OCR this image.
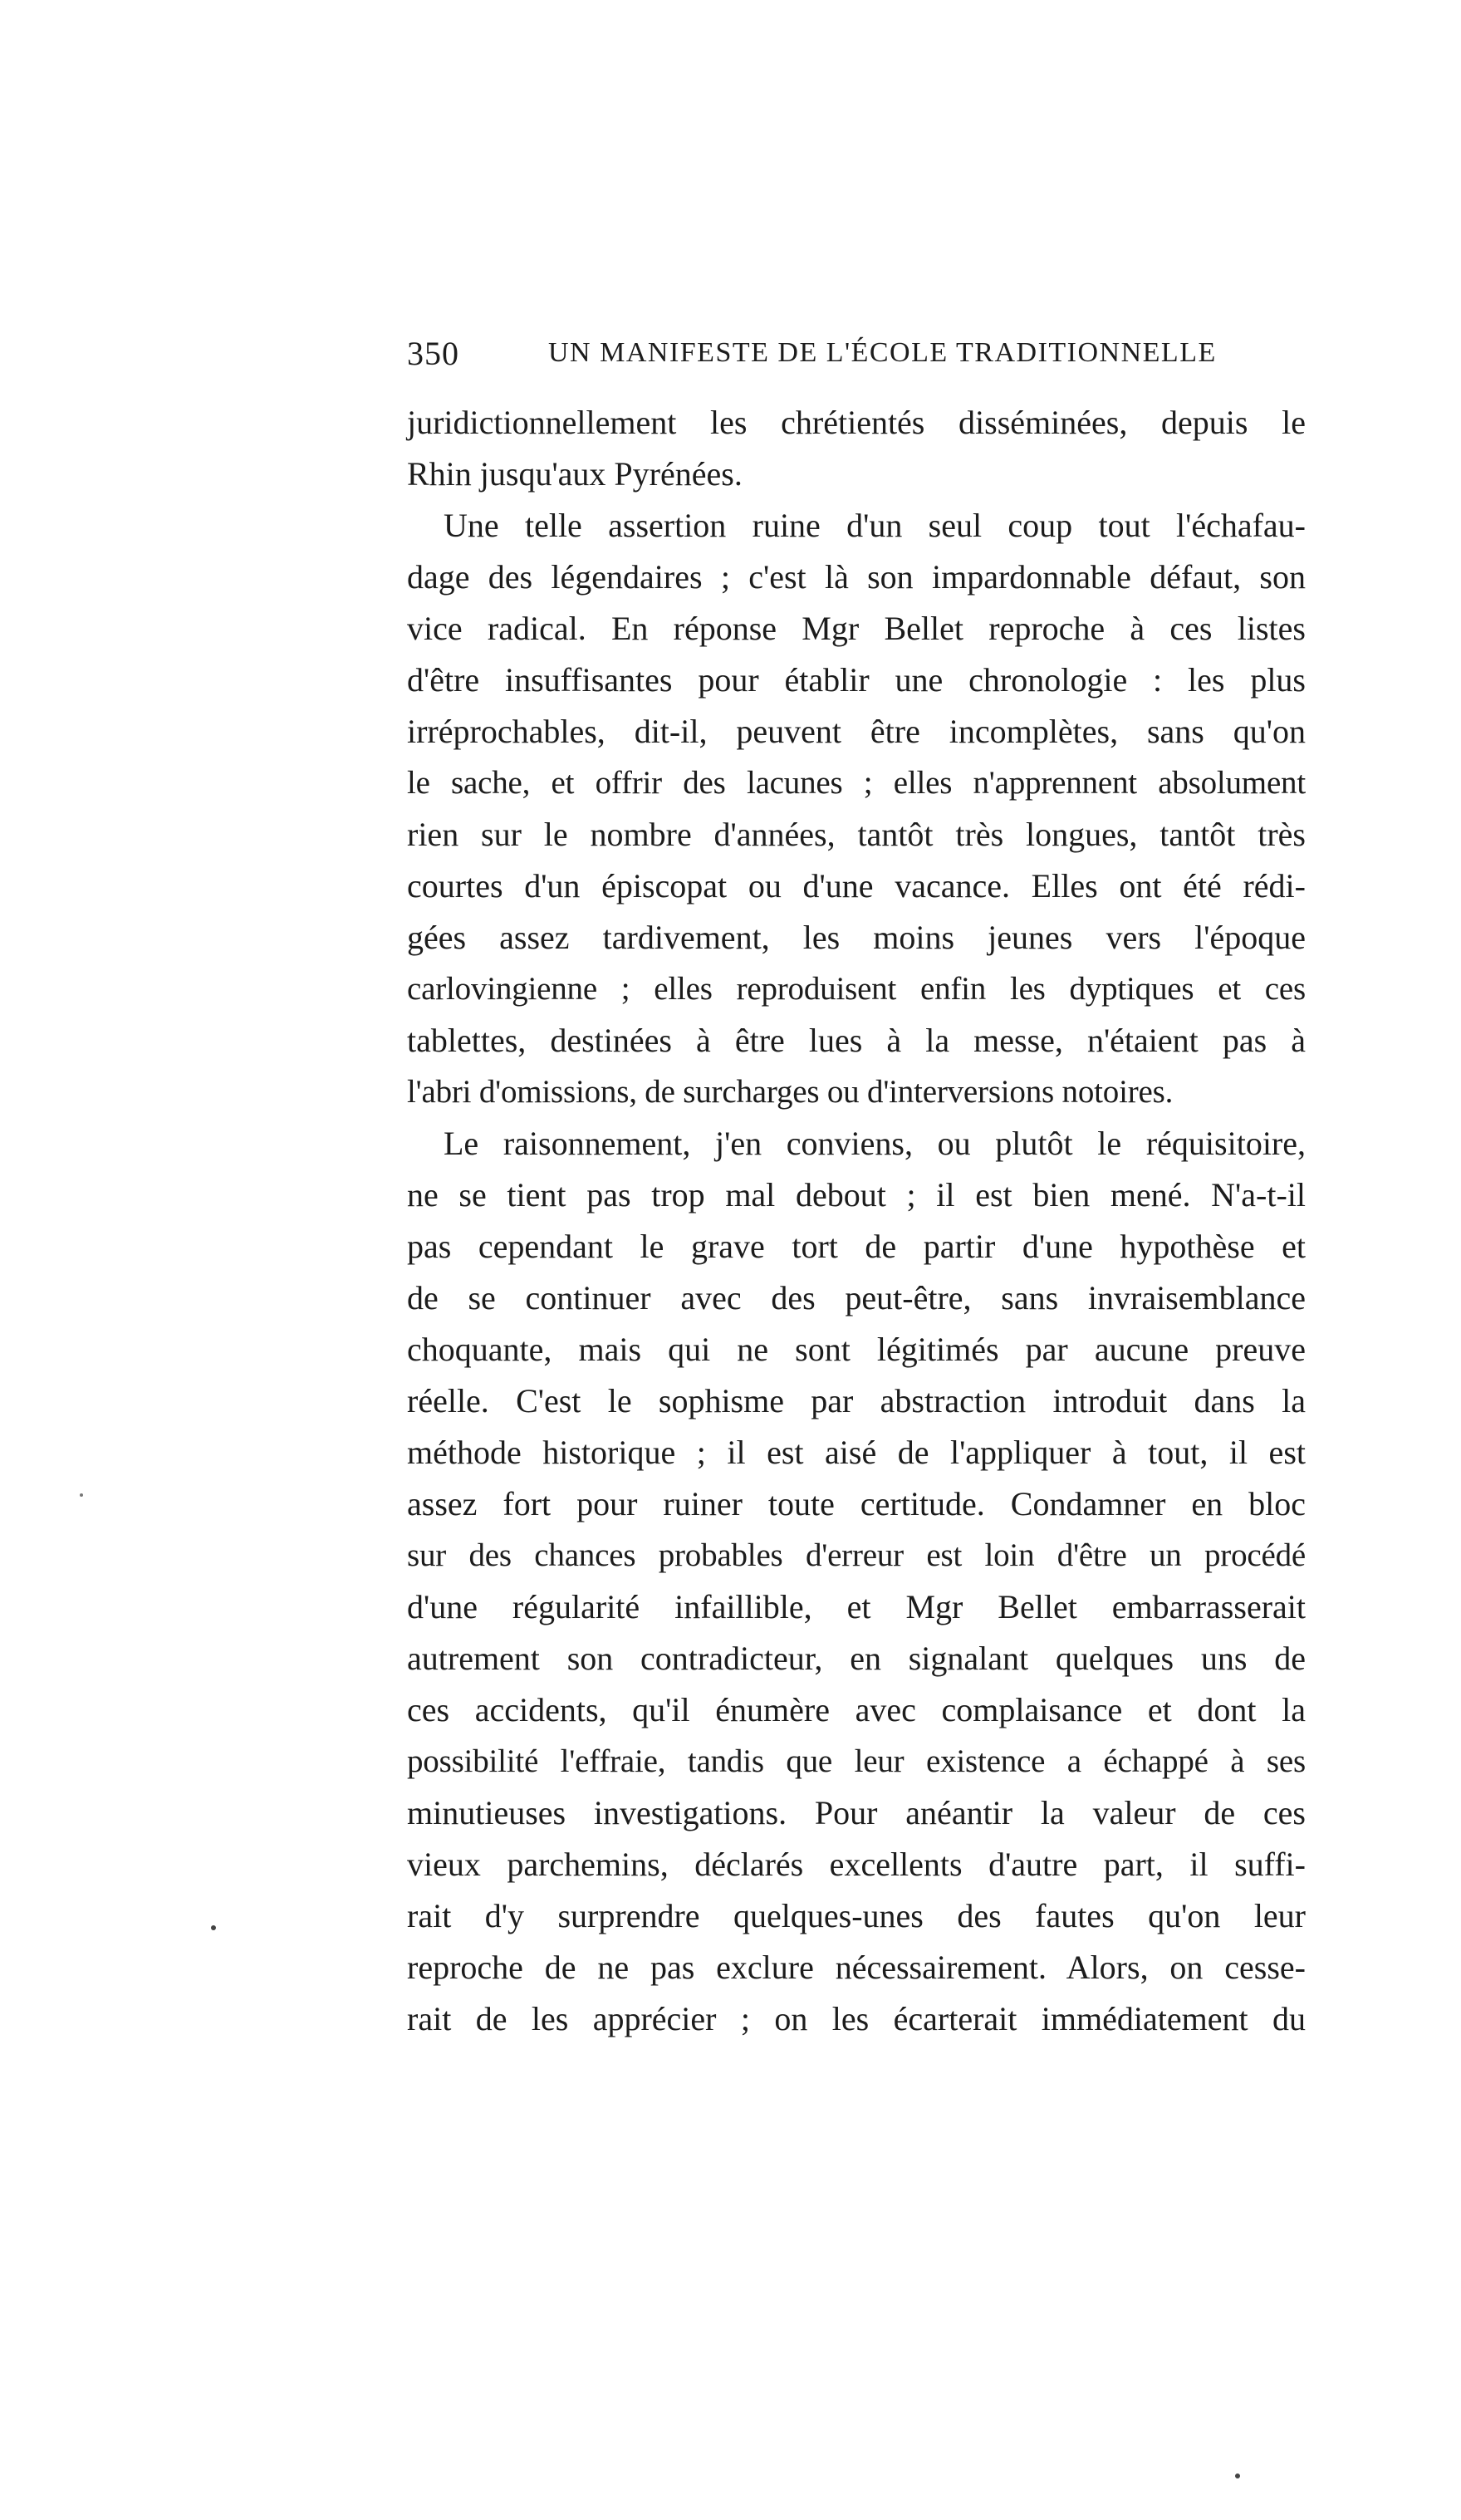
350	UN MANIFESTE DE L'ÉCOLE TRADITIONNELLE
juridictionnellement les chrétientés disséminées, depuis le
Rhin jusqu'aux Pyrénées.
Une telle assertion ruine d'un seul coup tout l'échafau-
dage des légendaires ; c'est là son impardonnable défaut, son
vice radical. En réponse Mgr Bellet reproche à ces listes
d'être insuffisantes pour établir une chronologie : les plus
irréprochables, dit-il, peuvent être incomplètes, sans qu'on
le sache, et offrir des lacunes ; elles n'apprennent absolument
rien sur le nombre d'années, tantôt très longues, tantôt très
courtes d'un épiscopat ou d'une vacance. Elles ont été rédi-
gées assez tardivement, les moins jeunes vers l'époque
carlovingienne ; elles reproduisent enfin les dyptiques et ces
tablettes, destinées à être lues à la messe, n'étaient pas à
l'abri d'omissions, de surcharges ou d'interversions notoires.
Le raisonnement, j'en conviens, ou plutôt le réquisitoire,
ne se tient pas trop mal debout ; il est bien mené. N'a-t-il
pas cependant le grave tort de partir d'une hypothèse et
de se continuer avec des peut-être, sans invraisemblance
choquante, mais qui ne sont légitimés par aucune preuve
réelle. C'est le sophisme par abstraction introduit dans la
méthode historique ; il est aisé de l'appliquer à tout, il est
assez fort pour ruiner toute certitude. Condamner en bloc
sur des chances probables d'erreur est loin d'être un procédé
d'une régularité infaillible, et Mgr Bellet embarrasserait
autrement son contradicteur, en signalant quelques uns de
ces accidents, qu'il énumère avec complaisance et dont la
possibilité l'effraie, tandis que leur existence a échappé à ses
minutieuses investigations. Pour anéantir la valeur de ces
vieux parchemins, déclarés excellents d'autre part, il suffi-
rait d'y surprendre quelques-unes des fautes qu'on leur
reproche de ne pas exclure nécessairement. Alors, on cesse-
rait de les apprécier ; on les écarterait immédiatement du
